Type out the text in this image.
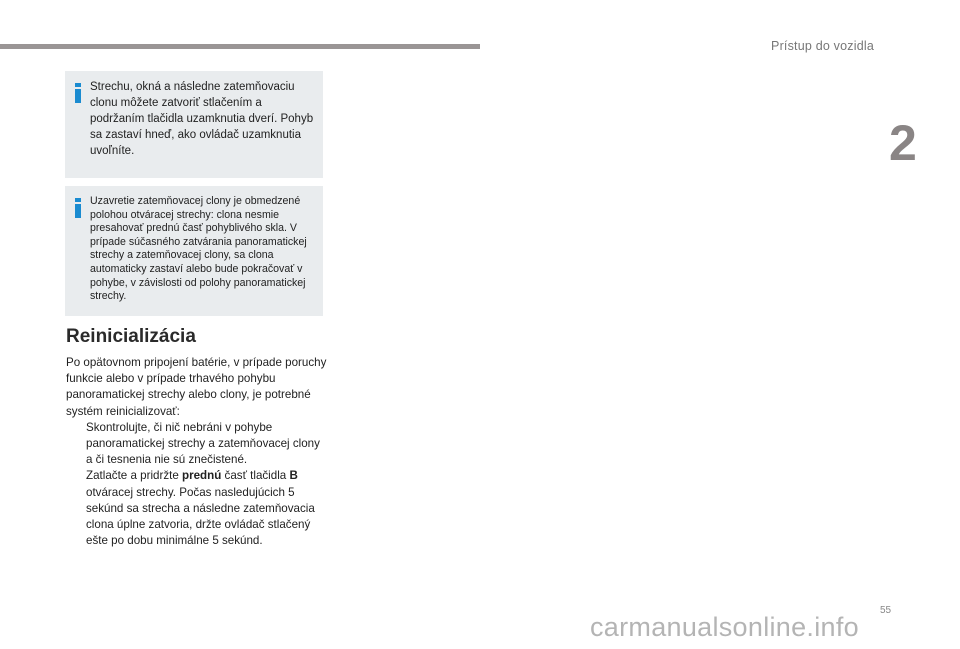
Prístup do vozidla
2
Strechu, okná a následne zatemňovaciu clonu môžete zatvoriť stlačením a podržaním tlačidla uzamknutia dverí. Pohyb sa zastaví hneď, ako ovládač uzamknutia uvoľníte.
Uzavretie zatemňovacej clony je obmedzené polohou otváracej strechy: clona nesmie presahovať prednú časť pohyblivého skla. V prípade súčasného zatvárania panoramatickej strechy a zatemňovacej clony, sa clona automaticky zastaví alebo bude pokračovať v pohybe, v závislosti od polohy panoramatickej strechy.
Reinicializácia

Po opätovnom pripojení batérie, v prípade poruchy funkcie alebo v prípade trhavého pohybu panoramatickej strechy alebo clony, je potrebné systém reinicializovať:

Skontrolujte, či nič nebráni v pohybe panoramatickej strechy a zatemňovacej clony a či tesnenia nie sú znečistené.

Zatlačte a pridržte prednú časť tlačidla B otváracej strechy. Počas nasledujúcich 5 sekúnd sa strecha a následne zatemňovacia clona úplne zatvoria, držte ovládač stlačený ešte po dobu minimálne 5 sekúnd.

55
carmanualsonline.info
